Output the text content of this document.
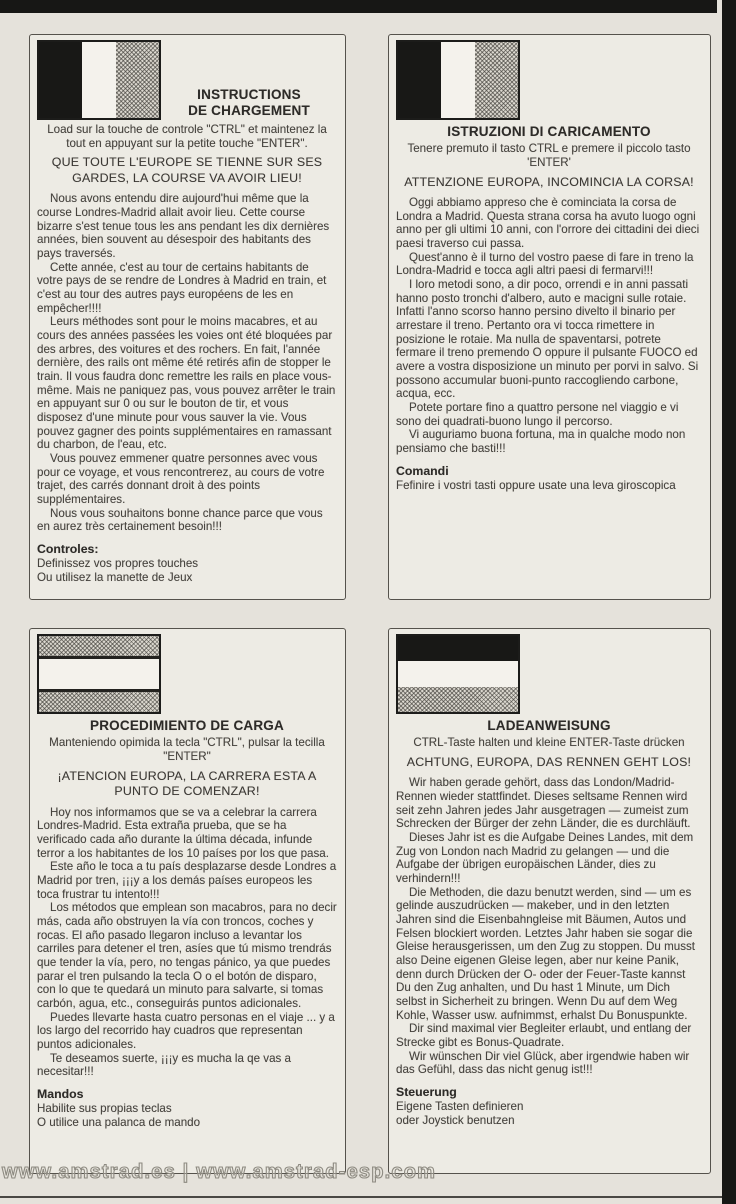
INSTRUCTIONS
DE CHARGEMENT

Load sur la touche de controle "CTRL" et maintenez la tout en appuyant sur la petite touche "ENTER".

QUE TOUTE L'EUROPE SE TIENNE SUR SES GARDES, LA COURSE VA AVOIR LIEU!

Nous avons entendu dire aujourd'hui même que la course Londres-Madrid allait avoir lieu. Cette course bizarre s'est tenue tous les ans pendant les dix dernières années, bien souvent au désespoir des habitants des pays traversés.

Cette année, c'est au tour de certains habitants de votre pays de se rendre de Londres à Madrid en train, et c'est au tour des autres pays européens de les en empêcher!!!!

Leurs méthodes sont pour le moins macabres, et au cours des années passées les voies ont été bloquées par des arbres, des voitures et des rochers. En fait, l'année dernière, des rails ont même été retirés afin de stopper le train. Il vous faudra donc remettre les rails en place vous-même. Mais ne paniquez pas, vous pouvez arrêter le train en appuyant sur 0 ou sur le bouton de tir, et vous disposez d'une minute pour vous sauver la vie. Vous pouvez gagner des points supplémentaires en ramassant du charbon, de l'eau, etc.

Vous pouvez emmener quatre personnes avec vous pour ce voyage, et vous rencontrerez, au cours de votre trajet, des carrés donnant droit à des points supplémentaires.

Nous vous souhaitons bonne chance parce que vous en aurez très certainement besoin!!!

Controles:

Definissez vos propres touches

Ou utilisez la manette de Jeux

ISTRUZIONI DI CARICAMENTO

Tenere premuto il tasto CTRL e premere il piccolo tasto 'ENTER'

ATTENZIONE EUROPA, INCOMINCIA LA CORSA!

Oggi abbiamo appreso che è cominciata la corsa de Londra a Madrid. Questa strana corsa ha avuto luogo ogni anno per gli ultimi 10 anni, con l'orrore dei cittadini dei dieci paesi traverso cui passa.

Quest'anno è il turno del vostro paese di fare in treno la Londra-Madrid e tocca agli altri paesi di fermarvi!!!

I loro metodi sono, a dir poco, orrendi e in anni passati hanno posto tronchi d'albero, auto e macigni sulle rotaie. Infatti l'anno scorso hanno persino divelto il binario per arrestare il treno. Pertanto ora vi tocca rimettere in posizione le rotaie. Ma nulla de spaventarsi, potrete fermare il treno premendo O oppure il pulsante FUOCO ed avere a vostra disposizione un minuto per porvi in salvo. Si possono accumular buoni-punto raccogliendo carbone, acqua, ecc.

Potete portare fino a quattro persone nel viaggio e vi sono dei quadrati-buono lungo il percorso.

Vi auguriamo buona fortuna, ma in qualche modo non pensiamo che basti!!!

Comandi

Fefinire i vostri tasti oppure usate una leva giroscopica

PROCEDIMIENTO DE CARGA

Manteniendo opimida la tecla "CTRL", pulsar la tecilla "ENTER"

¡ATENCION EUROPA, LA CARRERA ESTA A PUNTO DE COMENZAR!

Hoy nos informamos que se va a celebrar la carrera Londres-Madrid. Esta extraña prueba, que se ha verificado cada año durante la última década, infunde terror a los habitantes de los 10 países por los que pasa.

Este año le toca a tu país desplazarse desde Londres a Madrid por tren, ¡¡¡y a los demás países europeos les toca frustrar tu intento!!!

Los métodos que emplean son macabros, para no decir más, cada año obstruyen la vía con troncos, coches y rocas. El año pasado llegaron incluso a levantar los carriles para detener el tren, asíes que tú mismo trendrás que tender la vía, pero, no tengas pánico, ya que puedes parar el tren pulsando la tecla O o el botón de disparo, con lo que te quedará un minuto para salvarte, si tomas carbón, agua, etc., conseguirás puntos adicionales.

Puedes llevarte hasta cuatro personas en el viaje ... y a los largo del recorrido hay cuadros que representan puntos adicionales.

Te deseamos suerte, ¡¡¡y es mucha la qe vas a necesitar!!!

Mandos

Habilite sus propias teclas

O utilice una palanca de mando

LADEANWEISUNG

CTRL-Taste halten und kleine ENTER-Taste drücken

ACHTUNG, EUROPA, DAS RENNEN GEHT LOS!

Wir haben gerade gehört, dass das London/Madrid-Rennen wieder stattfindet. Dieses seltsame Rennen wird seit zehn Jahren jedes Jahr ausgetragen — zumeist zum Schrecken der Bürger der zehn Länder, die es durchläuft.

Dieses Jahr ist es die Aufgabe Deines Landes, mit dem Zug von London nach Madrid zu gelangen — und die Aufgabe der übrigen europäischen Länder, dies zu verhindern!!!

Die Methoden, die dazu benutzt werden, sind — um es gelinde auszudrücken — makeber, und in den letzten Jahren sind die Eisenbahngleise mit Bäumen, Autos und Felsen blockiert worden. Letztes Jahr haben sie sogar die Gleise herausgerissen, um den Zug zu stoppen. Du musst also Deine eigenen Gleise legen, aber nur keine Panik, denn durch Drücken der O- oder der Feuer-Taste kannst Du den Zug anhalten, und Du hast 1 Minute, um Dich selbst in Sicherheit zu bringen. Wenn Du auf dem Weg Kohle, Wasser usw. aufnimmst, erhalst Du Bonuspunkte.

Dir sind maximal vier Begleiter erlaubt, und entlang der Strecke gibt es Bonus-Quadrate.

Wir wünschen Dir viel Glück, aber irgendwie haben wir das Gefühl, dass das nicht genug ist!!!

Steuerung

Eigene Tasten definieren

oder Joystick benutzen

www.amstrad.es | www.amstrad-esp.com
